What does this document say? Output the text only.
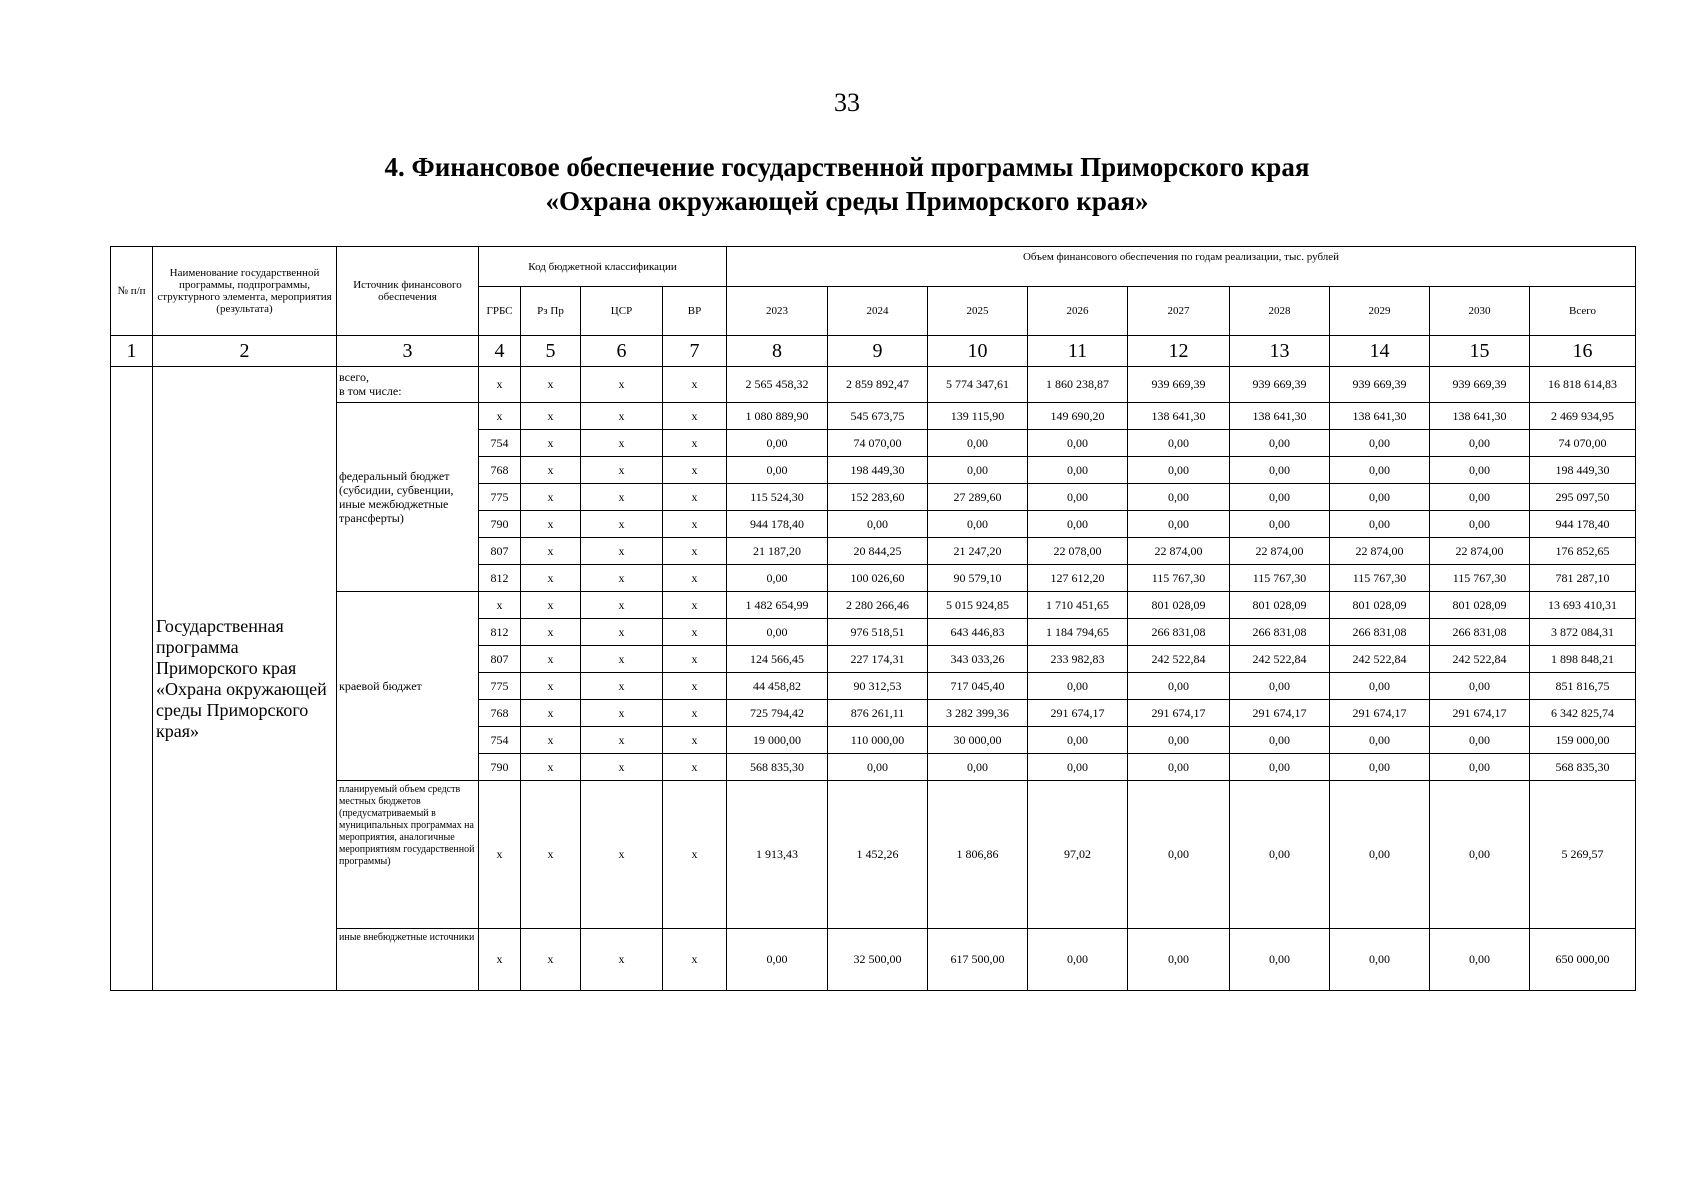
33
4. Финансовое обеспечение государственной программы Приморского края
«Охрана окружающей среды Приморского края»
№ п/п	Наименование государственной программы, подпрограммы, структурного элемента, мероприятия (результата)	Источник финансового обеспечения	Код бюджетной классификации				Объем финансового обеспечения по годам реализации, тыс. рублей								
			ГРБС	Рз Пр	ЦСР	ВР	2023	2024	2025	2026	2027	2028	2029	2030	Всего
1	2	3	4	5	6	7	8	9	10	11	12	13	14	15	16
	Государственная программа Приморского края «Охрана окружающей среды Приморского края»	всего,
в том числе:	x	x	x	x	2 565 458,32	2 859 892,47	5 774 347,61	1 860 238,87	939 669,39	939 669,39	939 669,39	939 669,39	16 818 614,83
		федеральный бюджет (субсидии, субвенции, иные межбюджетные трансферты)	x	x	x	x	1 080 889,90	545 673,75	139 115,90	149 690,20	138 641,30	138 641,30	138 641,30	138 641,30	2 469 934,95
			754	x	x	x	0,00	74 070,00	0,00	0,00	0,00	0,00	0,00	0,00	74 070,00
			768	x	x	x	0,00	198 449,30	0,00	0,00	0,00	0,00	0,00	0,00	198 449,30
			775	x	x	x	115 524,30	152 283,60	27 289,60	0,00	0,00	0,00	0,00	0,00	295 097,50
			790	x	x	x	944 178,40	0,00	0,00	0,00	0,00	0,00	0,00	0,00	944 178,40
			807	x	x	x	21 187,20	20 844,25	21 247,20	22 078,00	22 874,00	22 874,00	22 874,00	22 874,00	176 852,65
			812	x	x	x	0,00	100 026,60	90 579,10	127 612,20	115 767,30	115 767,30	115 767,30	115 767,30	781 287,10
		краевой бюджет	x	x	x	x	1 482 654,99	2 280 266,46	5 015 924,85	1 710 451,65	801 028,09	801 028,09	801 028,09	801 028,09	13 693 410,31
			812	x	x	x	0,00	976 518,51	643 446,83	1 184 794,65	266 831,08	266 831,08	266 831,08	266 831,08	3 872 084,31
			807	x	x	x	124 566,45	227 174,31	343 033,26	233 982,83	242 522,84	242 522,84	242 522,84	242 522,84	1 898 848,21
			775	x	x	x	44 458,82	90 312,53	717 045,40	0,00	0,00	0,00	0,00	0,00	851 816,75
			768	x	x	x	725 794,42	876 261,11	3 282 399,36	291 674,17	291 674,17	291 674,17	291 674,17	291 674,17	6 342 825,74
			754	x	x	x	19 000,00	110 000,00	30 000,00	0,00	0,00	0,00	0,00	0,00	159 000,00
			790	x	x	x	568 835,30	0,00	0,00	0,00	0,00	0,00	0,00	0,00	568 835,30
		планируемый объем средств местных бюджетов (предусматриваемый в муниципальных программах на мероприятия, аналогичные мероприятиям государственной программы)	x	x	x	x	1 913,43	1 452,26	1 806,86	97,02	0,00	0,00	0,00	0,00	5 269,57
		иные внебюджетные источники	x	x	x	x	0,00	32 500,00	617 500,00	0,00	0,00	0,00	0,00	0,00	650 000,00
